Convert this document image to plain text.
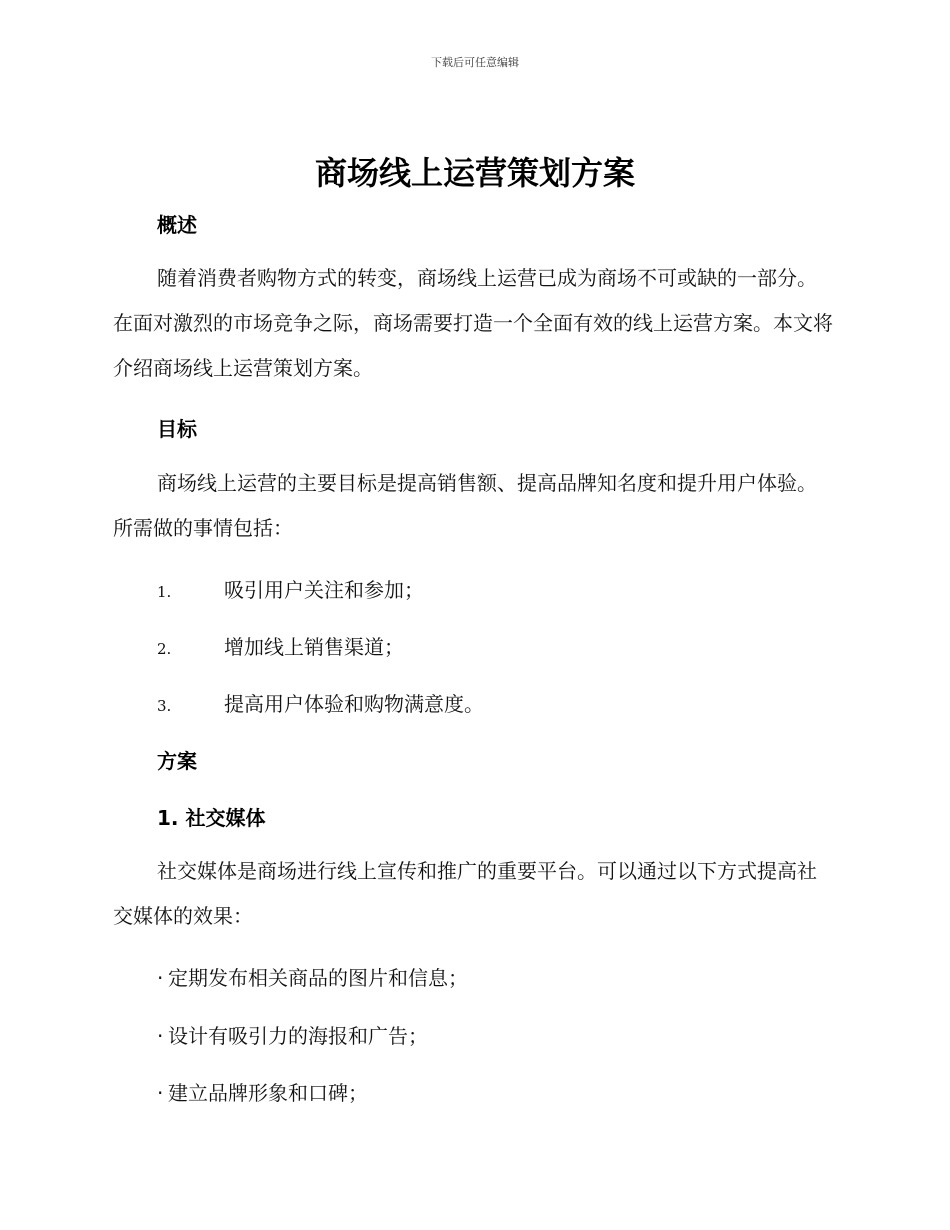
下载后可任意编辑
商场线上运营策划方案
概述

随着消费者购物方式的转变，商场线上运营已成为商场不可或缺的一部分。在面对激烈的市场竞争之际，商场需要打造一个全面有效的线上运营方案。本文将介绍商场线上运营策划方案。

目标

商场线上运营的主要目标是提高销售额、提高品牌知名度和提升用户体验。所需做的事情包括：

1.	吸引用户关注和参加；
2.	增加线上销售渠道；
3.	提高用户体验和购物满意度。
方案
1. 社交媒体

社交媒体是商场进行线上宣传和推广的重要平台。可以通过以下方式提高社交媒体的效果：

· 定期发布相关商品的图片和信息；
· 设计有吸引力的海报和广告；
· 建立品牌形象和口碑；
